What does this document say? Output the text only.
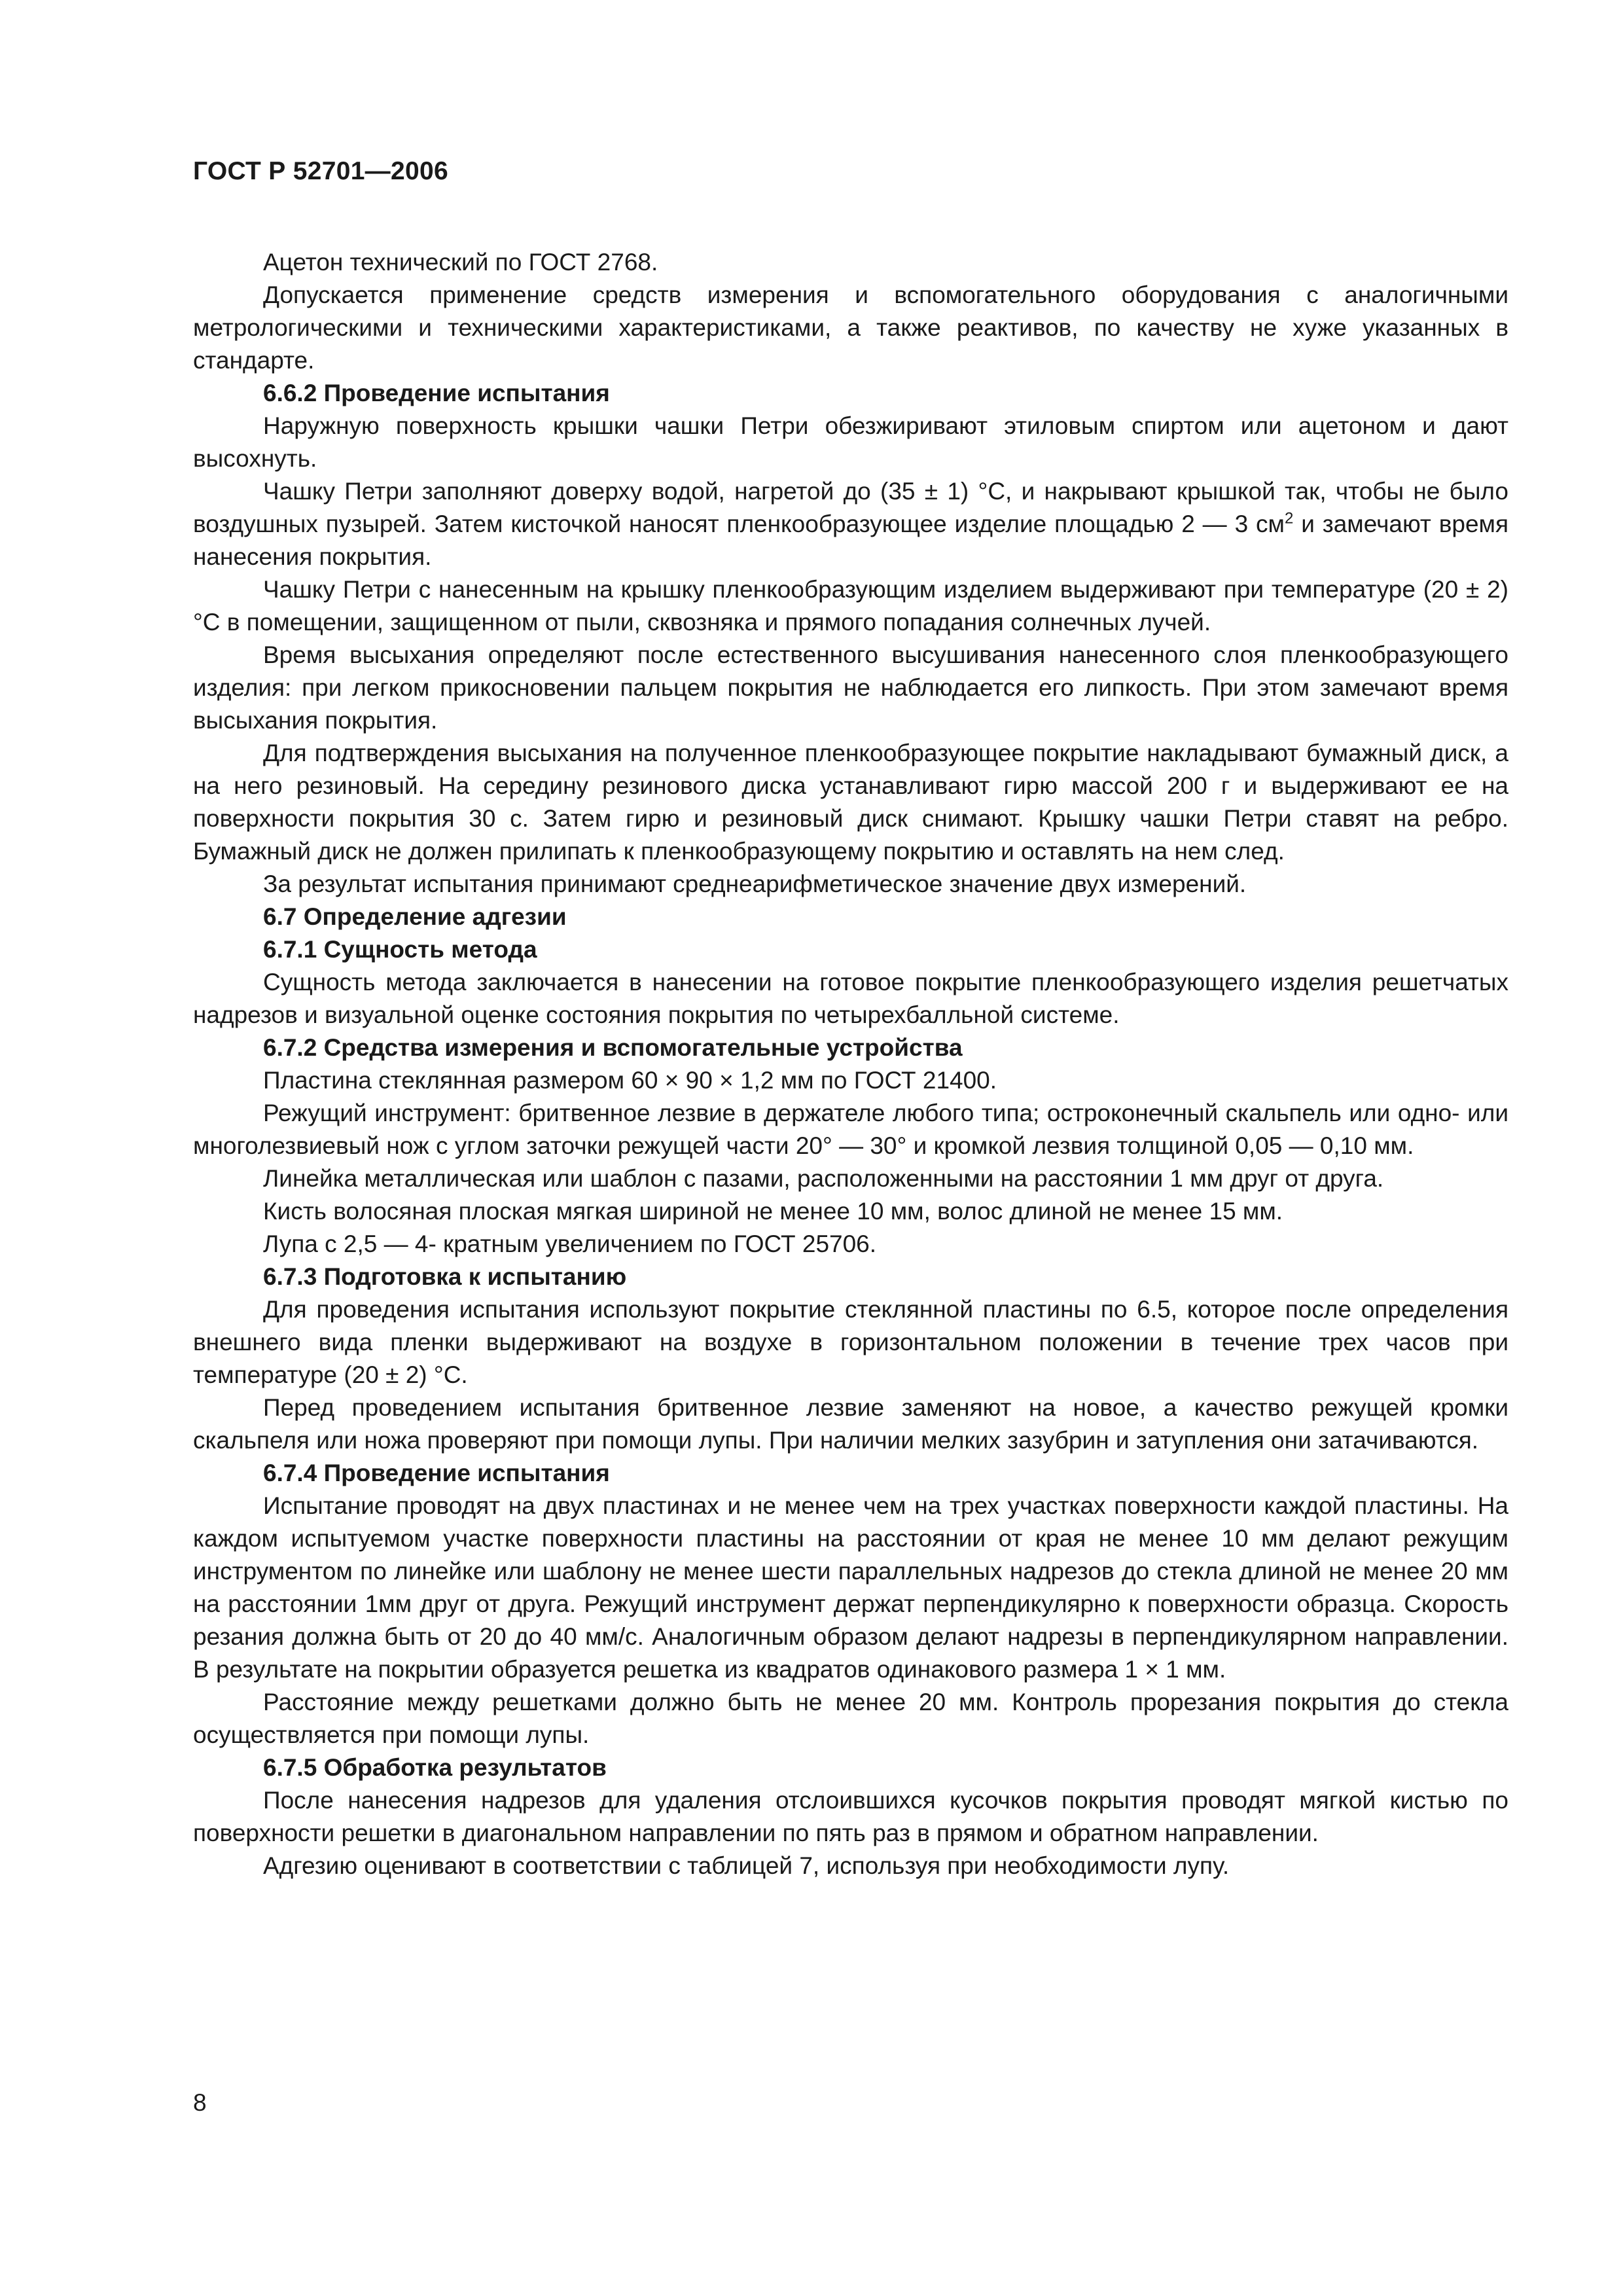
ГОСТ Р 52701—2006

Ацетон технический по ГОСТ 2768.

Допускается применение средств измерения и вспомогательного оборудования с аналогичными метрологическими и техническими характеристиками, а также реактивов, по качеству не хуже указанных в стандарте.

6.6.2 Проведение испытания

Наружную поверхность крышки чашки Петри обезжиривают этиловым спиртом или ацетоном и дают высохнуть.

Чашку Петри заполняют доверху водой, нагретой до (35 ± 1) °С, и накрывают крышкой так, чтобы не было воздушных пузырей. Затем кисточкой наносят пленкообразующее изделие площадью 2 — 3 $см^2$ и замечают время нанесения покрытия.

Чашку Петри с нанесенным на крышку пленкообразующим изделием выдерживают при температуре (20 ± 2) °С в помещении, защищенном от пыли, сквозняка и прямого попадания солнечных лучей.

Время высыхания определяют после естественного высушивания нанесенного слоя пленкообразующего изделия: при легком прикосновении пальцем покрытия не наблюдается его липкость. При этом замечают время высыхания покрытия.

Для подтверждения высыхания на полученное пленкообразующее покрытие накладывают бумажный диск, а на него резиновый. На середину резинового диска устанавливают гирю массой 200 г и выдерживают ее на поверхности покрытия 30 с. Затем гирю и резиновый диск снимают. Крышку чашки Петри ставят на ребро. Бумажный диск не должен прилипать к пленкообразующему покрытию и оставлять на нем след.

За результат испытания принимают среднеарифметическое значение двух измерений.

6.7 Определение адгезии

6.7.1 Сущность метода

Сущность метода заключается в нанесении на готовое покрытие пленкообразующего изделия решетчатых надрезов и визуальной оценке состояния покрытия по четырехбалльной системе.

6.7.2 Средства измерения и вспомогательные устройства

Пластина стеклянная размером 60 × 90 × 1,2 мм по ГОСТ 21400.

Режущий инструмент: бритвенное лезвие в держателе любого типа; остроконечный скальпель или одно- или многолезвиевый нож с углом заточки режущей части 20° — 30° и кромкой лезвия толщиной 0,05 — 0,10 мм.

Линейка металлическая или шаблон с пазами, расположенными на расстоянии 1 мм друг от друга.

Кисть волосяная плоская мягкая шириной не менее 10 мм, волос длиной не менее 15 мм.

Лупа с 2,5 — 4- кратным увеличением по ГОСТ 25706.

6.7.3 Подготовка к испытанию

Для проведения испытания используют покрытие стеклянной пластины по 6.5, которое после определения внешнего вида пленки выдерживают на воздухе в горизонтальном положении в течение трех часов при температуре (20 ± 2) °С.

Перед проведением испытания бритвенное лезвие заменяют на новое, а качество режущей кромки скальпеля или ножа проверяют при помощи лупы. При наличии мелких зазубрин и затупления они затачиваются.

6.7.4 Проведение испытания

Испытание проводят на двух пластинах и не менее чем на трех участках поверхности каждой пластины. На каждом испытуемом участке поверхности пластины на расстоянии от края не менее 10 мм делают режущим инструментом по линейке или шаблону не менее шести параллельных надрезов до стекла длиной не менее 20 мм на расстоянии 1мм друг от друга. Режущий инструмент держат перпендикулярно к поверхности образца. Скорость резания должна быть от 20 до 40 мм/с. Аналогичным образом делают надрезы в перпендикулярном направлении. В результате на покрытии образуется решетка из квадратов одинакового размера 1 × 1 мм.

Расстояние между решетками должно быть не менее 20 мм. Контроль прорезания покрытия до стекла осуществляется при помощи лупы.

6.7.5 Обработка результатов

После нанесения надрезов для удаления отслоившихся кусочков покрытия проводят мягкой кистью по поверхности решетки в диагональном направлении по пять раз в прямом и обратном направлении.

Адгезию оценивают в соответствии с таблицей 7, используя при необходимости лупу.

8
